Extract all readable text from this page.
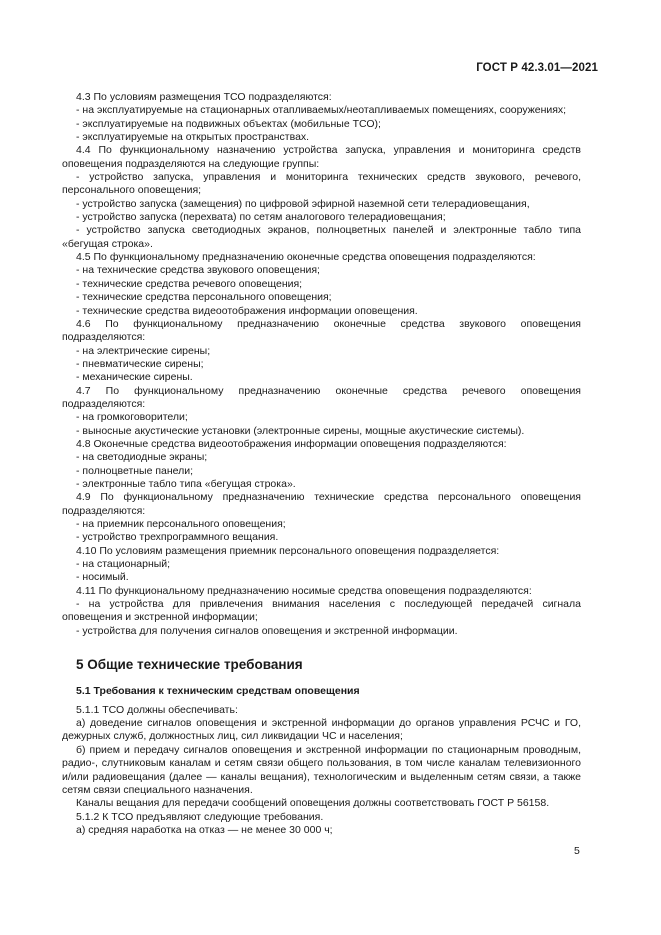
ГОСТ Р 42.3.01—2021

4.3 По условиям размещения ТСО подразделяются:

- на эксплуатируемые на стационарных отапливаемых/неотапливаемых помещениях, сооружениях;

- эксплуатируемые на подвижных объектах (мобильные ТСО);

- эксплуатируемые на открытых пространствах.

4.4 По функциональному назначению устройства запуска, управления и мониторинга средств оповещения подразделяются на следующие группы:

- устройство запуска, управления и мониторинга технических средств звукового, речевого, персонального оповещения;

- устройство запуска (замещения) по цифровой эфирной наземной сети телерадиовещания,

- устройство запуска (перехвата) по сетям аналогового телерадиовещания;

- устройство запуска светодиодных экранов, полноцветных панелей и электронные табло типа «бегущая строка».

4.5 По функциональному предназначению оконечные средства оповещения подразделяются:

- на технические средства звукового оповещения;

- технические средства речевого оповещения;

- технические средства персонального оповещения;

- технические средства видеоотображения информации оповещения.

4.6 По функциональному предназначению оконечные средства звукового оповещения подразделяются:

- на электрические сирены;

- пневматические сирены;

- механические сирены.

4.7 По функциональному предназначению оконечные средства речевого оповещения подразделяются:

- на громкоговорители;

- выносные акустические установки (электронные сирены, мощные акустические системы).

4.8 Оконечные средства видеоотображения информации оповещения подразделяются:

- на светодиодные экраны;

- полноцветные панели;

- электронные табло типа «бегущая строка».

4.9 По функциональному предназначению технические средства персонального оповещения подразделяются:

- на приемник персонального оповещения;

- устройство трехпрограммного вещания.

4.10 По условиям размещения приемник персонального оповещения подразделяется:

- на стационарный;

- носимый.

4.11 По функциональному предназначению носимые средства оповещения подразделяются:

- на устройства для привлечения внимания населения с последующей передачей сигнала оповещения и экстренной информации;

- устройства для получения сигналов оповещения и экстренной информации.

5 Общие технические требования

5.1 Требования к техническим средствам оповещения

5.1.1 ТСО должны обеспечивать:

а) доведение сигналов оповещения и экстренной информации до органов управления РСЧС и ГО, дежурных служб, должностных лиц, сил ликвидации ЧС и населения;

б) прием и передачу сигналов оповещения и экстренной информации по стационарным проводным, радио-, слутниковым каналам и сетям связи общего пользования, в том числе каналам телевизионного и/или радиовещания (далее — каналы вещания), технологическим и выделенным сетям связи, а также сетям связи специального назначения.

Каналы вещания для передачи сообщений оповещения должны соответствовать ГОСТ Р 56158.

5.1.2 К ТСО предъявляют следующие требования.

а) средняя наработка на отказ — не менее 30 000 ч;

5
